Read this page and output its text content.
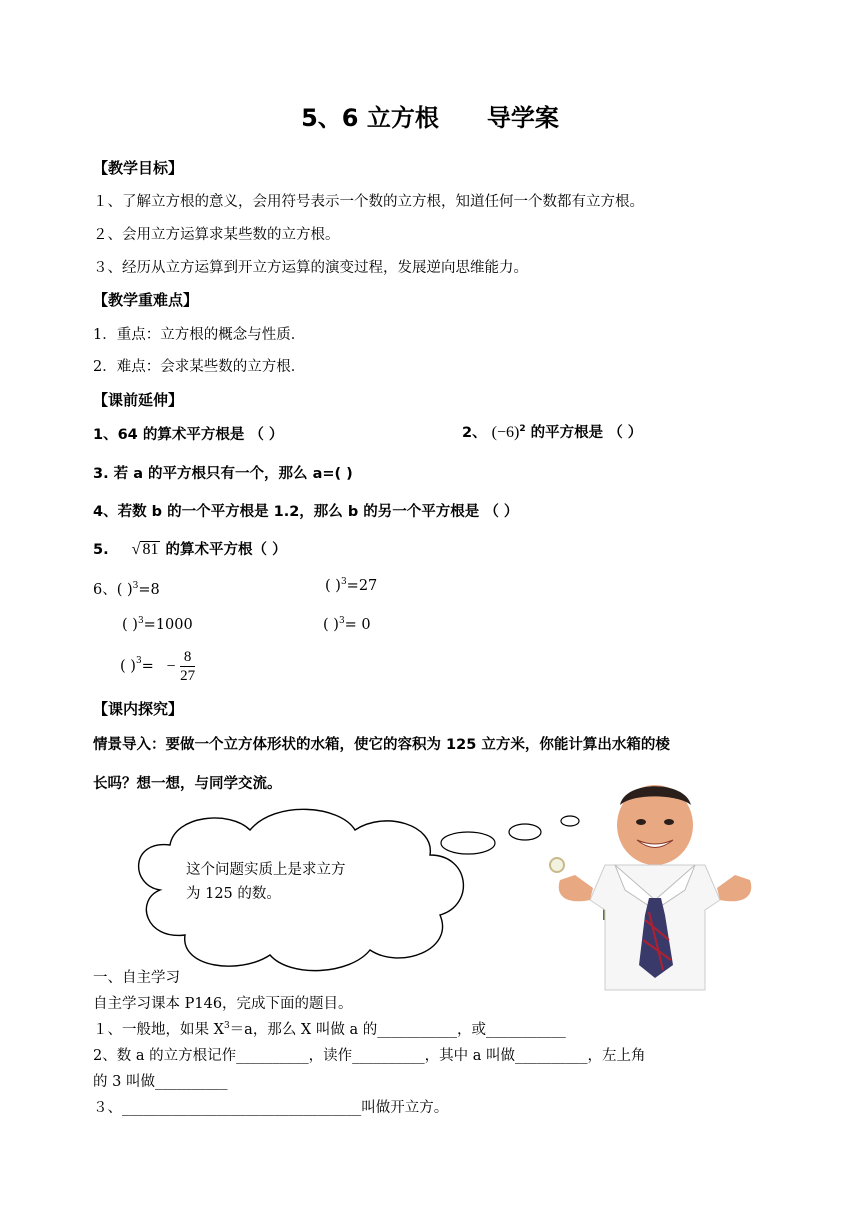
5、6 立方根　　导学案
【教学目标】
１、了解立方根的意义，会用符号表示一个数的立方根，知道任何一个数都有立方根。
２、会用立方运算求某些数的立方根。
３、经历从立方运算到开立方运算的演变过程，发展逆向思维能力。
【教学重难点】
1．重点：立方根的概念与性质．
2．难点：会求某些数的立方根．
【课前延伸】
1、64 的算术平方根是 （ ）	2、 $(-6)^2$ 的平方根是 （ ）
3. 若 a 的平方根只有一个，那么 a=( )
4、若数 b 的一个平方根是 1.2，那么 b 的另一个平方根是 （ ）
5. √ 81 的算术平方根（ ）
6、( )$^3$=8	( )$^3$=27
( )$^3$=1000	( )$^3$= 0
( )$^3= - \frac{8}{27}$
【课内探究】
情景导入：要做一个立方体形状的水箱，使它的容积为 125 立方米，你能计算出水箱的棱
长吗？想一想，与同学交流。
这个问题实质上是求立方
为 125 的数。
一、自主学习
自主学习课本 P146，完成下面的题目。
１、一般地，如果 $X^3=a$，那么 X 叫做 a 的___________，或___________
2、数 a 的立方根记作__________，读作__________，其中 a 叫做__________，左上角
的 3 叫做__________
３、_________________________________叫做开立方。
